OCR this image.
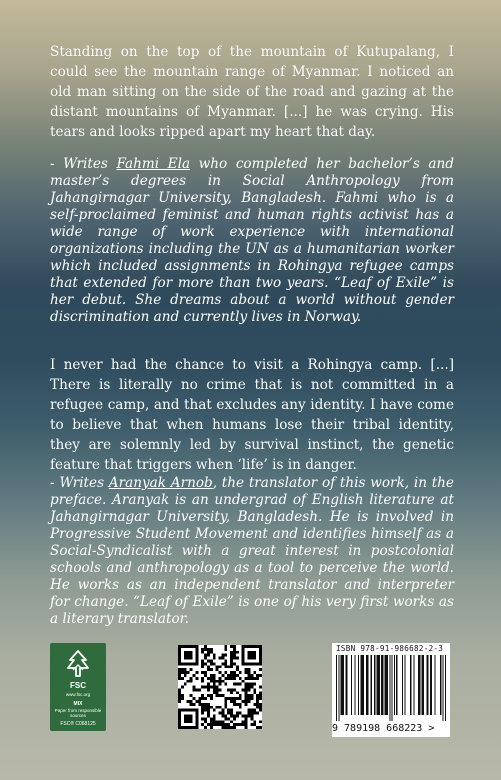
Standing on the top of the mountain of Kutupalang, I could see the mountain range of Myanmar. I noticed an old man sitting on the side of the road and gazing at the distant mountains of Myanmar. [...] he was crying. His tears and looks ripped apart my heart that day.

- Writes Fahmi Ela who completed her bachelor’s and master’s degrees in Social Anthropology from Jahangirnagar University, Bangladesh. Fahmi who is a self-proclaimed feminist and human rights activist has a wide range of work experience with international organizations including the UN as a humanitarian worker which included assignments in Rohingya refugee camps that extended for more than two years. “Leaf of Exile” is her debut. She dreams about a world without gender discrimination and currently lives in Norway.

I never had the chance to visit a Rohingya camp. [...] There is literally no crime that is not committed in a refugee camp, and that excludes any identity. I have come to believe that when humans lose their tribal identity, they are solemnly led by survival instinct, the genetic feature that triggers when ‘life’ is in danger.

- Writes Aranyak Arnob, the translator of this work, in the preface. Aranyak is an undergrad of English literature at Jahangirnagar University, Bangladesh. He is involved in Progressive Student Movement and identifies himself as a Social-Syndicalist with a great interest in postcolonial schools and anthropology as a tool to perceive the world. He works as an independent translator and interpreter for change. “Leaf of Exile” is one of his very first works as a literary translator.

FSC
www.fsc.org
MIX
Paper from responsible sources
FSC® C068125
ISBN 978-91-986682-2-3
9 789198 668223 >
